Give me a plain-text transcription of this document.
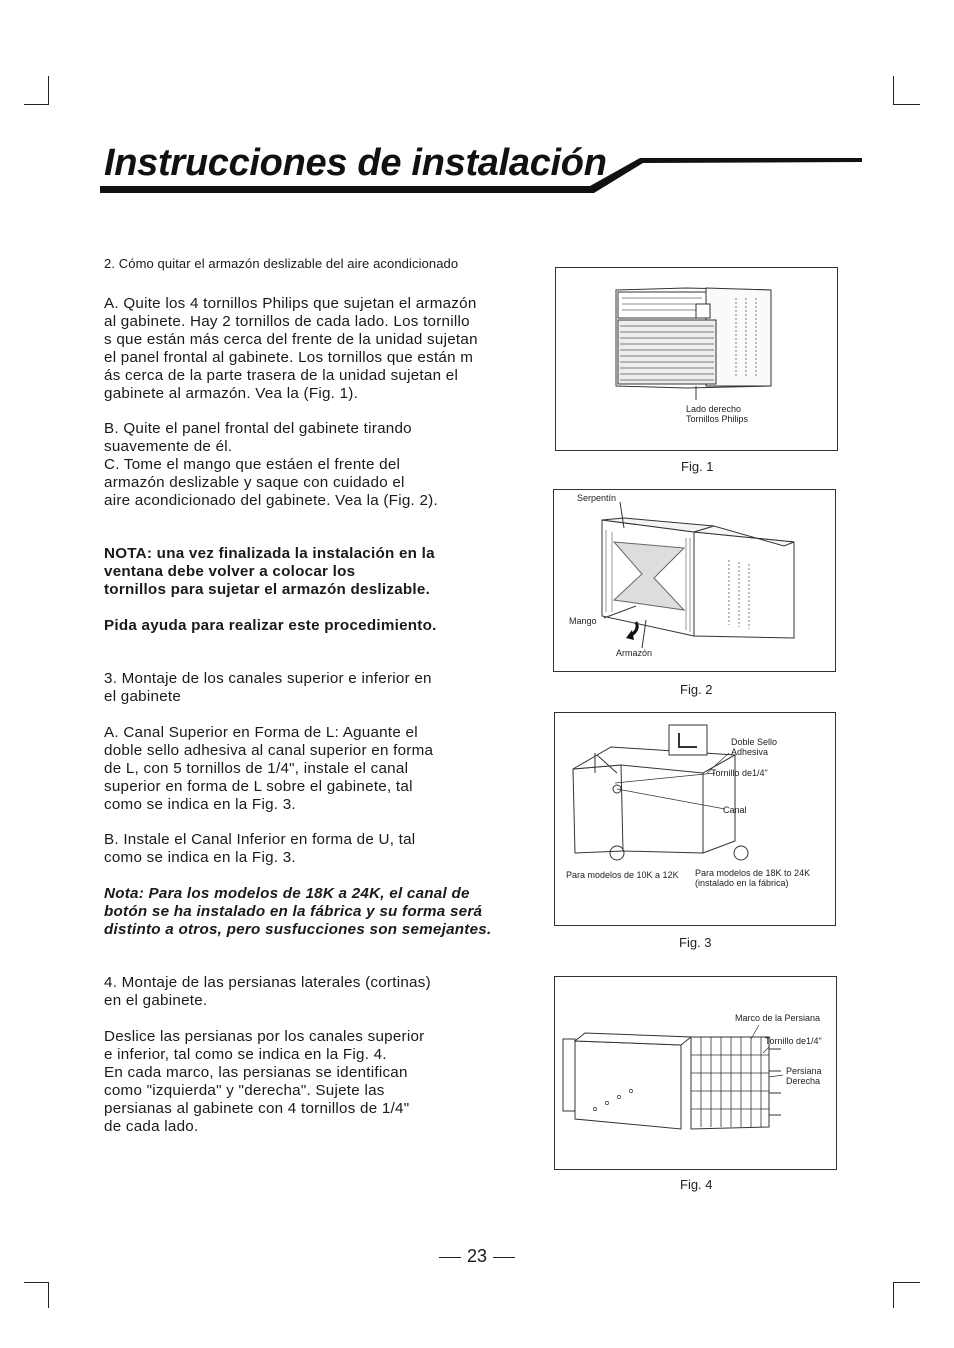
Instrucciones de instalación
2. Cómo quitar el armazón deslizable del aire acondicionado
A. Quite los 4 tornillos Philips que sujetan el armazón
al gabinete. Hay 2 tornillos de cada lado. Los tornillo
s que están más cerca del frente de la unidad sujetan
el panel frontal al gabinete. Los tornillos que están m
ás cerca de la parte trasera de la unidad sujetan el
gabinete al armazón. Vea la (Fig. 1).
B. Quite el panel frontal del gabinete tirando
suavemente de él.
C. Tome el mango que estáen el frente del
armazón deslizable y saque con cuidado el
aire acondicionado del gabinete. Vea la (Fig. 2).
NOTA: una vez finalizada la instalación en la
ventana debe volver a colocar los
tornillos para sujetar el armazón deslizable.
Pida ayuda para realizar este procedimiento.
3. Montaje de los canales superior e inferior en
el gabinete
A. Canal Superior en Forma de L: Aguante el
doble sello adhesiva al canal superior en forma
de L, con 5 tornillos de 1/4", instale el canal
superior en forma de L sobre el gabinete, tal
como se indica en la Fig. 3.
B. Instale el Canal Inferior en forma de U, tal
como se indica en la Fig. 3.
Nota: Para los modelos de 18K a 24K, el canal de
botón se ha instalado en la fábrica y su forma será
distinto a otros, pero susfucciones son semejantes.
4. Montaje de las persianas laterales (cortinas)
en el gabinete.
Deslice las persianas por los canales superior
e inferior, tal como se indica en la Fig. 4.
En cada marco, las persianas se identifican
como "izquierda" y "derecha". Sujete las
persianas al gabinete con 4 tornillos de 1/4"
de cada lado.
Lado derecho
Tornillos Philips
Fig. 1
Serpentín
Mango
Armazón
Fig. 2
Doble Sello
Adhesiva
Tornillo de1/4"
Canal
Para modelos de 10K a 12K Para modelos de 18K to 24K
(instalado en la fábrica)
Fig. 3
Marco de la Persiana
Tornillo de1/4"
Persiana
Derecha
Fig. 4
23
